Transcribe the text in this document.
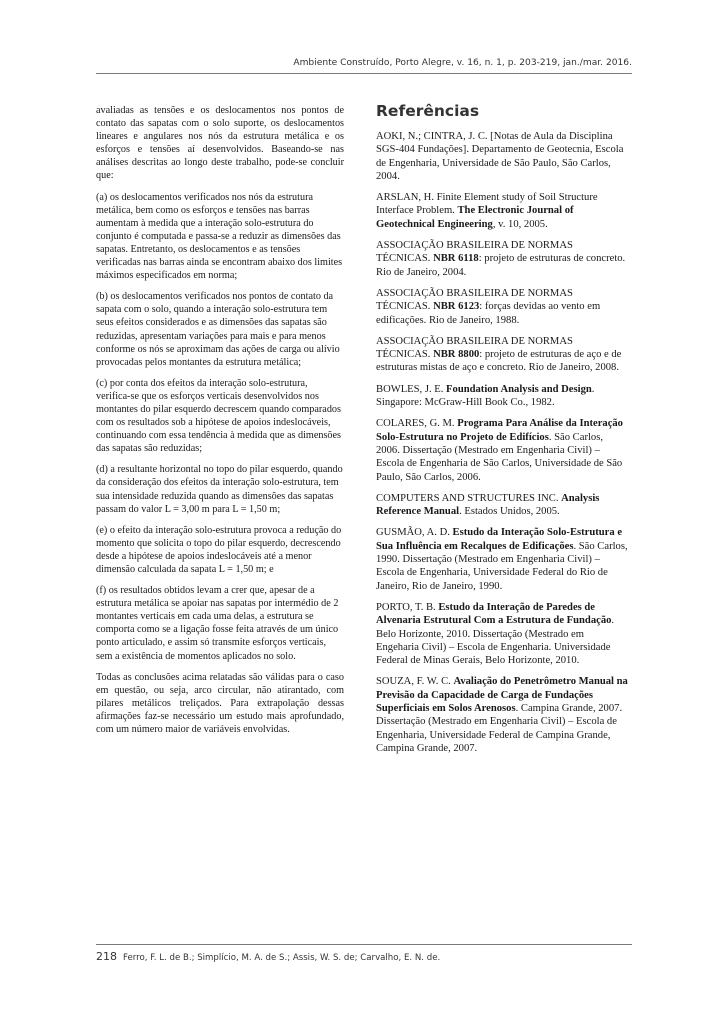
Ambiente Construído, Porto Alegre, v. 16, n. 1, p. 203-219, jan./mar. 2016.

avaliadas as tensões e os deslocamentos nos pontos de contato das sapatas com o solo suporte, os deslocamentos lineares e angulares nos nós da estrutura metálica e os esforços e tensões aí desenvolvidos. Baseando-se nas análises descritas ao longo deste trabalho, pode-se concluir que:

(a) os deslocamentos verificados nos nós da estrutura metálica, bem como os esforços e tensões nas barras aumentam à medida que a interação solo-estrutura do conjunto é computada e passa-se a reduzir as dimensões das sapatas. Entretanto, os deslocamentos e as tensões verificadas nas barras ainda se encontram abaixo dos limites máximos especificados em norma;

(b) os deslocamentos verificados nos pontos de contato da sapata com o solo, quando a interação solo-estrutura tem seus efeitos considerados e as dimensões das sapatas são reduzidas, apresentam variações para mais e para menos conforme os nós se aproximam das ações de carga ou alívio provocadas pelos montantes da estrutura metálica;

(c) por conta dos efeitos da interação solo-estrutura, verifica-se que os esforços verticais desenvolvidos nos montantes do pilar esquerdo decrescem quando comparados com os resultados sob a hipótese de apoios indeslocáveis, continuando com essa tendência à medida que as dimensões das sapatas são reduzidas;

(d) a resultante horizontal no topo do pilar esquerdo, quando da consideração dos efeitos da interação solo-estrutura, tem sua intensidade reduzida quando as dimensões das sapatas passam do valor L = 3,00 m para L = 1,50 m;

(e) o efeito da interação solo-estrutura provoca a redução do momento que solicita o topo do pilar esquerdo, decrescendo desde a hipótese de apoios indeslocáveis até a menor dimensão calculada da sapata L = 1,50 m; e

(f) os resultados obtidos levam a crer que, apesar de a estrutura metálica se apoiar nas sapatas por intermédio de 2 montantes verticais em cada uma delas, a estrutura se comporta como se a ligação fosse feita através de um único ponto articulado, e assim só transmite esforços verticais, sem a existência de momentos aplicados no solo.

Todas as conclusões acima relatadas são válidas para o caso em questão, ou seja, arco circular, não atirantado, com pilares metálicos treliçados. Para extrapolação dessas afirmações faz-se necessário um estudo mais aprofundado, com um número maior de variáveis envolvidas.

Referências

AOKI, N.; CINTRA, J. C. [Notas de Aula da Disciplina SGS-404 Fundações]. Departamento de Geotecnia, Escola de Engenharia, Universidade de São Paulo, São Carlos, 2004.

ARSLAN, H. Finite Element study of Soil Structure Interface Problem. The Electronic Journal of Geotechnical Engineering, v. 10, 2005.

ASSOCIAÇÃO BRASILEIRA DE NORMAS TÉCNICAS. NBR 6118: projeto de estruturas de concreto. Rio de Janeiro, 2004.

ASSOCIAÇÃO BRASILEIRA DE NORMAS TÉCNICAS. NBR 6123: forças devidas ao vento em edificações. Rio de Janeiro, 1988.

ASSOCIAÇÃO BRASILEIRA DE NORMAS TÉCNICAS. NBR 8800: projeto de estruturas de aço e de estruturas mistas de aço e concreto. Rio de Janeiro, 2008.

BOWLES, J. E. Foundation Analysis and Design. Singapore: McGraw-Hill Book Co., 1982.

COLARES, G. M. Programa Para Análise da Interação Solo-Estrutura no Projeto de Edifícios. São Carlos, 2006. Dissertação (Mestrado em Engenharia Civil) – Escola de Engenharia de São Carlos, Universidade de São Paulo, São Carlos, 2006.

COMPUTERS AND STRUCTURES INC. Analysis Reference Manual. Estados Unidos, 2005.

GUSMÃO, A. D. Estudo da Interação Solo-Estrutura e Sua Influência em Recalques de Edificações. São Carlos, 1990. Dissertação (Mestrado em Engenharia Civil) – Escola de Engenharia, Universidade Federal do Rio de Janeiro, Rio de Janeiro, 1990.

PORTO, T. B. Estudo da Interação de Paredes de Alvenaria Estrutural Com a Estrutura de Fundação. Belo Horizonte, 2010. Dissertação (Mestrado em Engeharia Civil) – Escola de Engenharia. Universidade Federal de Minas Gerais, Belo Horizonte, 2010.

SOUZA, F. W. C. Avaliação do Penetrômetro Manual na Previsão da Capacidade de Carga de Fundações Superficiais em Solos Arenosos. Campina Grande, 2007. Dissertação (Mestrado em Engenharia Civil) – Escola de Engenharia, Universidade Federal de Campina Grande, Campina Grande, 2007.

218 Ferro, F. L. de B.; Simplício, M. A. de S.; Assis, W. S. de; Carvalho, E. N. de.
